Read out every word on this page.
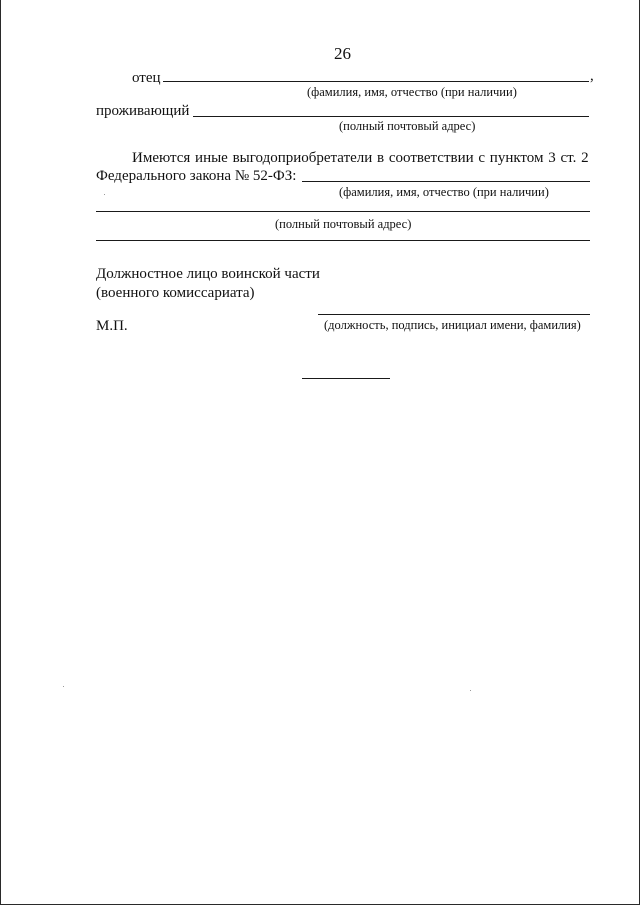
26
отец	,
(фамилия, имя, отчество (при наличии)
проживающий
(полный почтовый адрес)
Имеются иные выгодоприобретатели в соответствии с пунктом 3 ст. 2
Федерального закона № 52-ФЗ:
(фамилия, имя, отчество (при наличии)
(полный почтовый адрес)
Должностное лицо воинской части
(военного комиссариата)
(должность, подпись, инициал имени, фамилия)
М.П.
